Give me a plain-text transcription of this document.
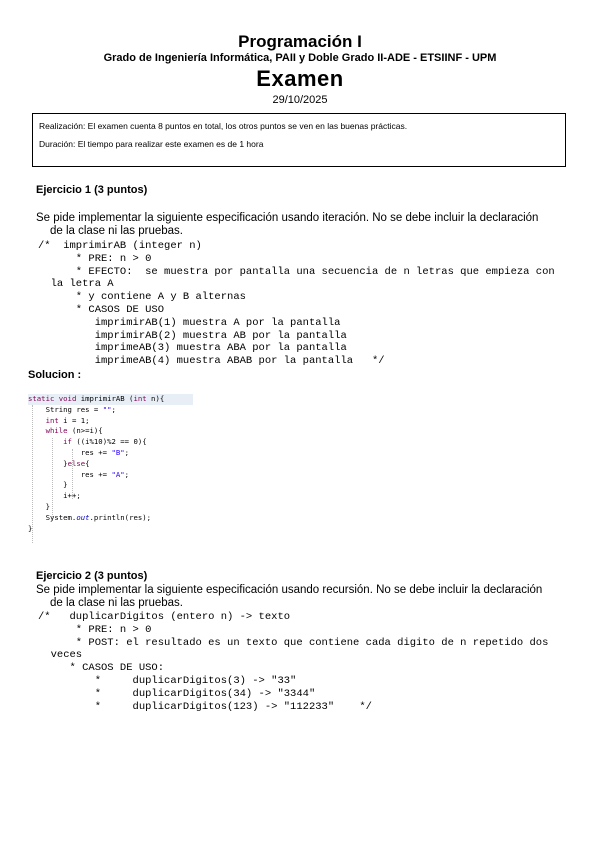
Programación I
Grado de Ingeniería Informática, PAII y Doble Grado II-ADE - ETSIINF - UPM
Examen
29/10/2025
Realización: El examen cuenta 8 puntos en total, los otros puntos se ven en las buenas prácticas.
Duración: El tiempo para realizar este examen es de 1 hora
Ejercicio 1 (3 puntos)
Se pide implementar la siguiente especificación usando iteración. No se debe incluir la declaración
de la clase ni las pruebas.
/*  imprimirAB (integer n)
* PRE: n > 0
* EFECTO:  se muestra por pantalla una secuencia de n letras que empieza con
la letra A
* y contiene A y B alternas
* CASOS DE USO
imprimirAB(1) muestra A por la pantalla
imprimirAB(2) muestra AB por la pantalla
imprimeAB(3) muestra ABA por la pantalla
imprimeAB(4) muestra ABAB por la pantalla   */
Solucion :
static void imprimirAB (int n){
String res = "";
int i = 1;
while (n>=i){
if ((i%10)%2 == 0){
res += "B";
}else{
res += "A";
}
i++;
}
System.out.println(res);
}
Ejercicio 2 (3 puntos)
Se pide implementar la siguiente especificación usando recursión. No se debe incluir la declaración
de la clase ni las pruebas.
/*   duplicarDigitos (entero n) -> texto
* PRE: n > 0
* POST: el resultado es un texto que contiene cada digito de n repetido dos
veces
* CASOS DE USO:
*     duplicarDigitos(3) -> "33"
*     duplicarDigitos(34) -> "3344"
*     duplicarDigitos(123) -> "112233"    */
